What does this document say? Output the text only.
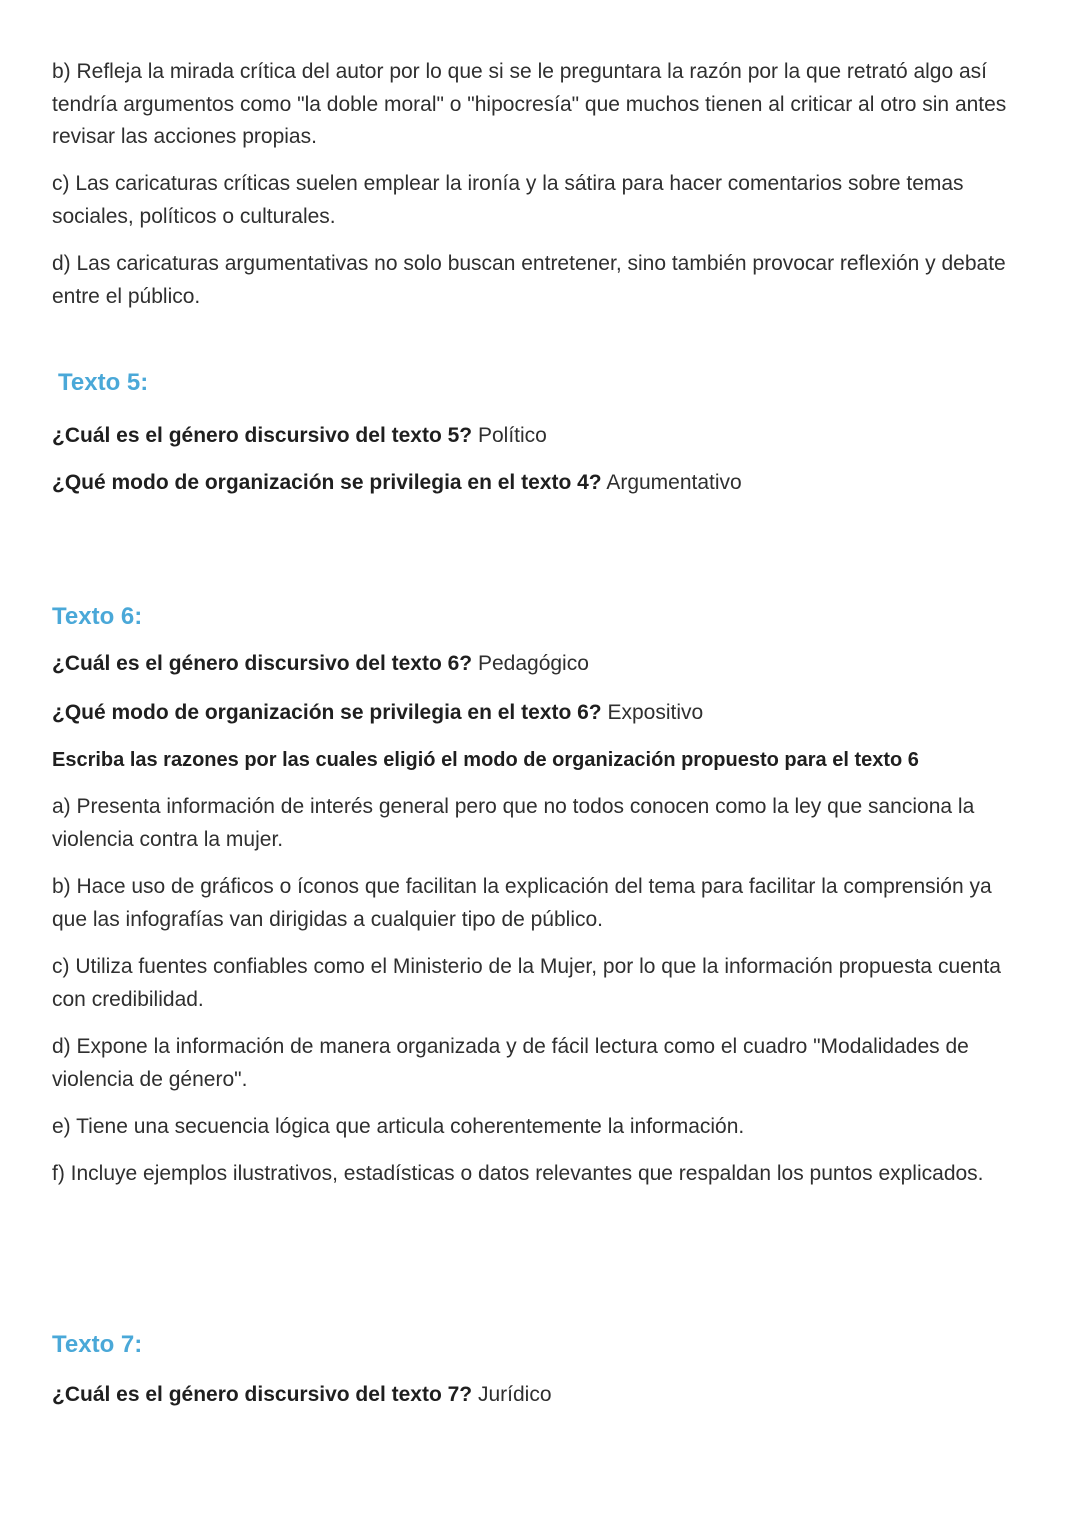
b) Refleja la mirada crítica del autor por lo que si se le preguntara la razón por la que retrató algo así tendría argumentos como "la doble moral" o "hipocresía" que muchos tienen al criticar al otro sin antes revisar las acciones propias.

c) Las caricaturas críticas suelen emplear la ironía y la sátira para hacer comentarios sobre temas sociales, políticos o culturales.

d) Las caricaturas argumentativas no solo buscan entretener, sino también provocar reflexión y debate entre el público.

Texto 5:

¿Cuál es el género discursivo del texto 5? Político

¿Qué modo de organización se privilegia en el texto 4? Argumentativo

Texto 6:

¿Cuál es el género discursivo del texto 6? Pedagógico

¿Qué modo de organización se privilegia en el texto 6? Expositivo

Escriba las razones por las cuales eligió el modo de organización propuesto para el texto 6

a) Presenta información de interés general pero que no todos conocen como la ley que sanciona la violencia contra la mujer.

b) Hace uso de gráficos o íconos que facilitan la explicación del tema para facilitar la comprensión ya que las infografías van dirigidas a cualquier tipo de público.

c) Utiliza fuentes confiables como el Ministerio de la Mujer, por lo que la información propuesta cuenta con credibilidad.

d) Expone la información de manera organizada y de fácil lectura como el cuadro "Modalidades de violencia de género".

e) Tiene una secuencia lógica que articula coherentemente la información.

f) Incluye ejemplos ilustrativos, estadísticas o datos relevantes que respaldan los puntos explicados.

Texto 7:

¿Cuál es el género discursivo del texto 7? Jurídico
